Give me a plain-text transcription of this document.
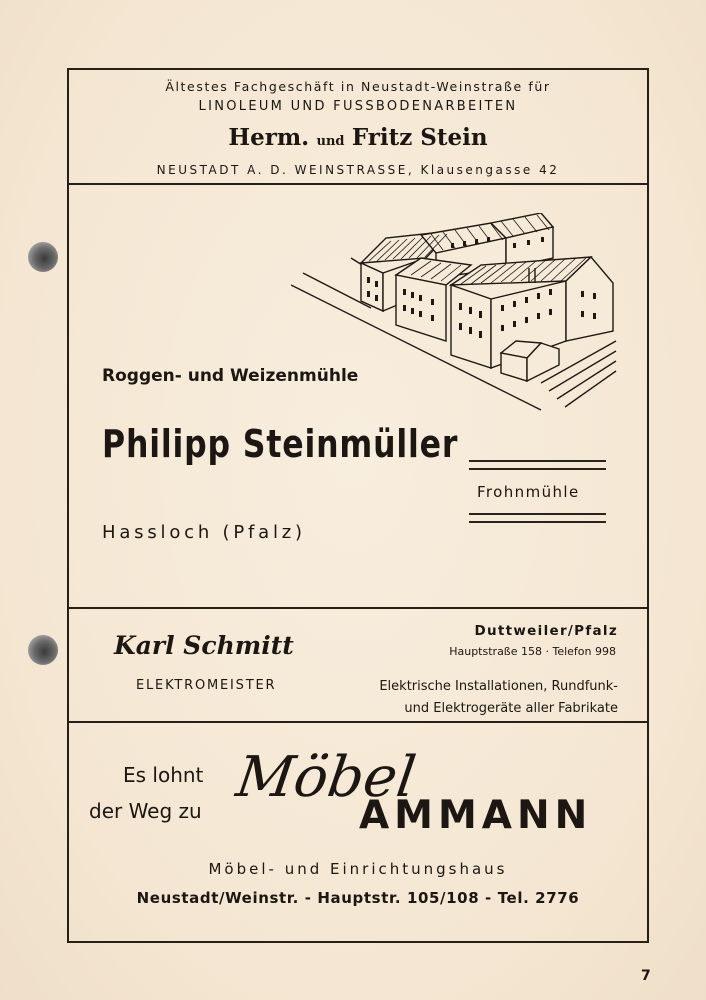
Ältestes Fachgeschäft in Neustadt-Weinstraße für
LINOLEUM UND FUSSBODENARBEITEN
Herm. und Fritz Stein
NEUSTADT A. D. WEINSTRASSE, Klausengasse 42
Roggen- und Weizenmühle
Philipp Steinmüller
Hassloch (Pfalz)
Frohnmühle
Karl Schmitt
ELEKTROMEISTER
Duttweiler/Pfalz
Hauptstraße 158 · Telefon 998
Elektrische Installationen, Rundfunk-
und Elektrogeräte aller Fabrikate
Es lohnt
der Weg zu
Möbel
AMMANN
Möbel- und Einrichtungshaus
Neustadt/Weinstr. - Hauptstr. 105/108 - Tel. 2776
7
